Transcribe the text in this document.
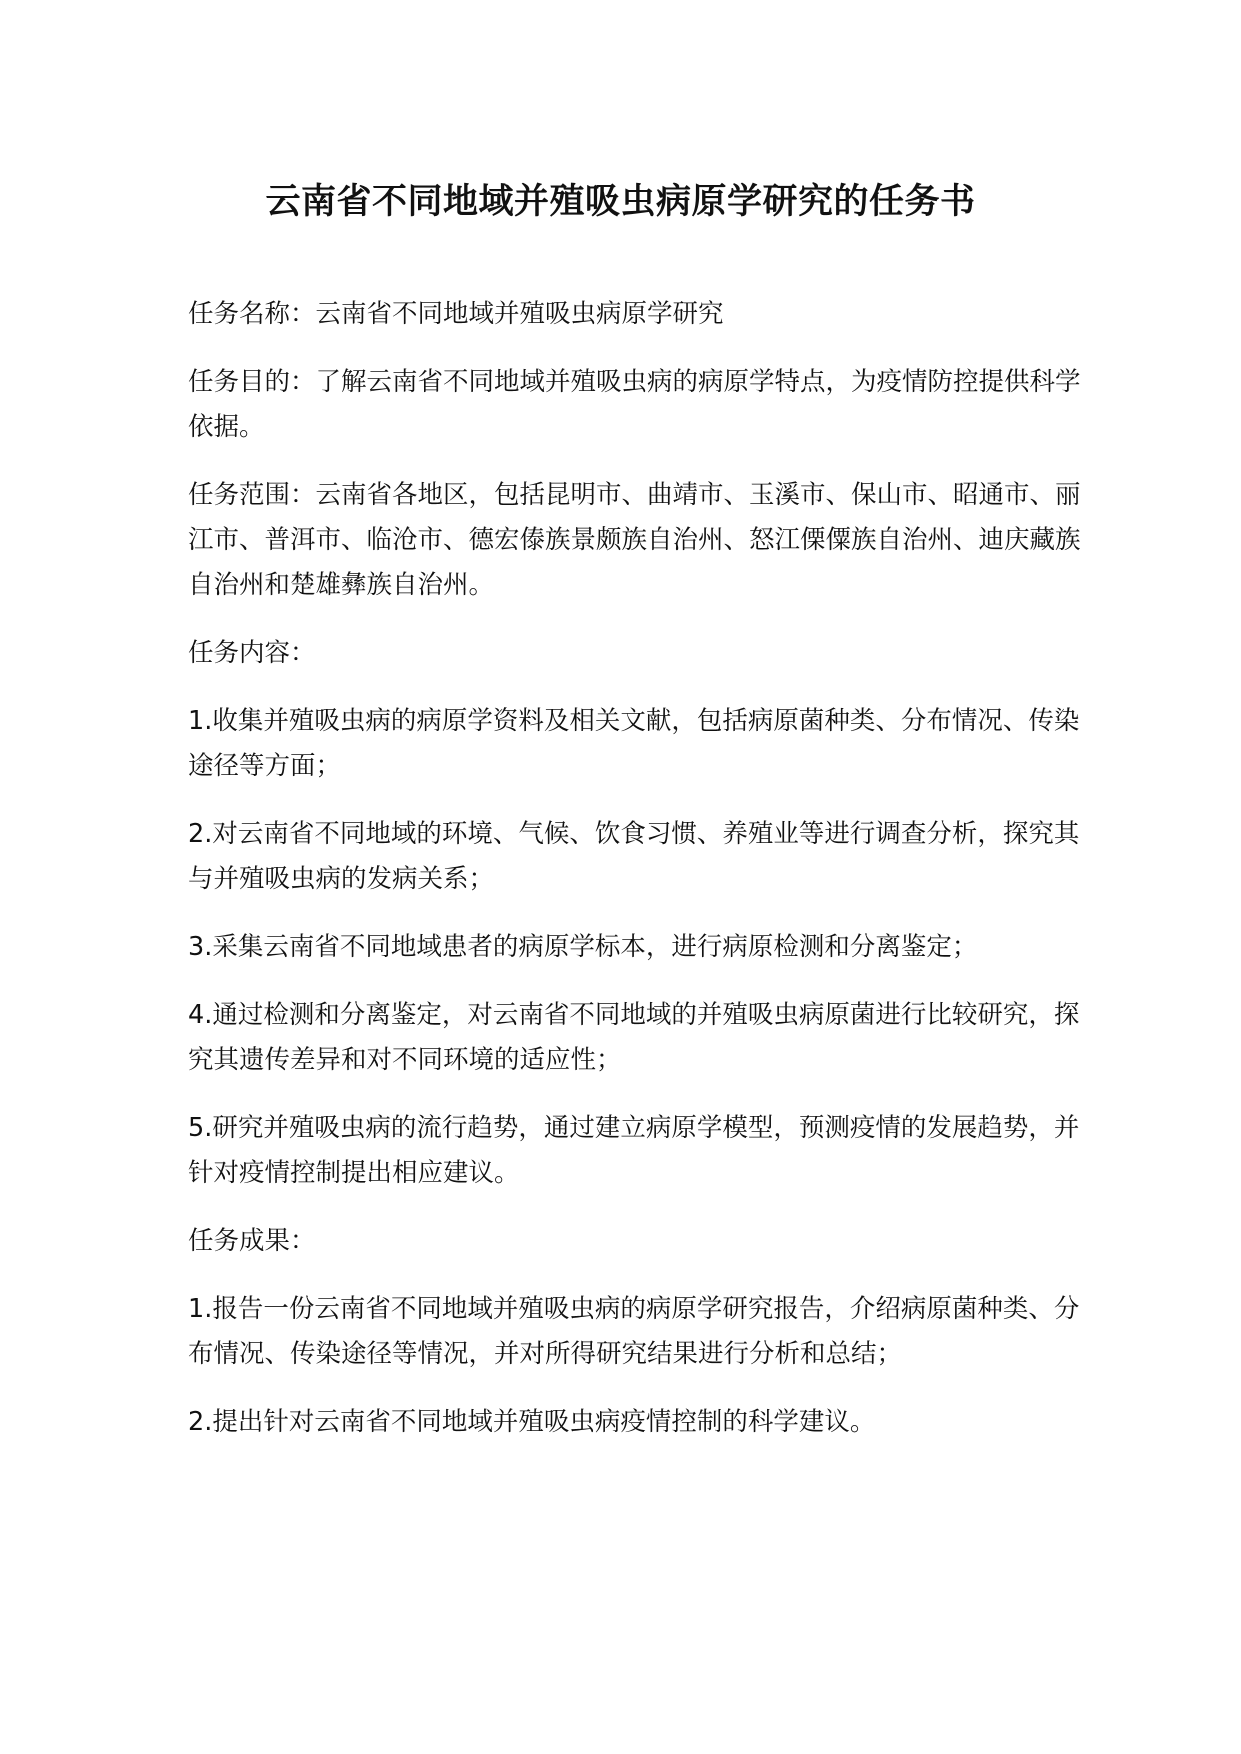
云南省不同地域并殖吸虫病原学研究的任务书

任务名称：云南省不同地域并殖吸虫病原学研究

任务目的：了解云南省不同地域并殖吸虫病的病原学特点，为疫情防控提供科学依据。

任务范围：云南省各地区，包括昆明市、曲靖市、玉溪市、保山市、昭通市、丽江市、普洱市、临沧市、德宏傣族景颇族自治州、怒江傈僳族自治州、迪庆藏族自治州和楚雄彝族自治州。

任务内容：

1.收集并殖吸虫病的病原学资料及相关文献，包括病原菌种类、分布情况、传染途径等方面；

2.对云南省不同地域的环境、气候、饮食习惯、养殖业等进行调查分析，探究其与并殖吸虫病的发病关系；

3.采集云南省不同地域患者的病原学标本，进行病原检测和分离鉴定；

4.通过检测和分离鉴定，对云南省不同地域的并殖吸虫病原菌进行比较研究，探究其遗传差异和对不同环境的适应性；

5.研究并殖吸虫病的流行趋势，通过建立病原学模型，预测疫情的发展趋势，并针对疫情控制提出相应建议。

任务成果：

1.报告一份云南省不同地域并殖吸虫病的病原学研究报告，介绍病原菌种类、分布情况、传染途径等情况，并对所得研究结果进行分析和总结；

2.提出针对云南省不同地域并殖吸虫病疫情控制的科学建议。
